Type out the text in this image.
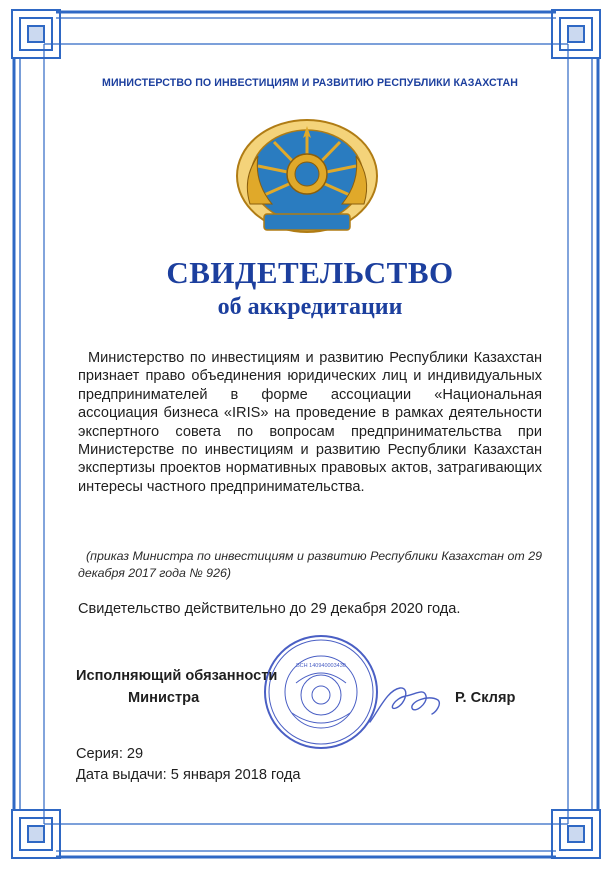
МИНИСТЕРСТВО ПО ИНВЕСТИЦИЯМ И РАЗВИТИЮ РЕСПУБЛИКИ КАЗАХСТАН
СВИДЕТЕЛЬСТВО
об аккредитации
Министерство по инвестициям и развитию Республики Казахстан признает право объединения юридических лиц и индивидуальных предпринимателей в форме ассоциации «Национальная ассоциация бизнеса «IRIS» на проведение в рамках деятельности экспертного совета по вопросам предпринимательства при Министерстве по инвестициям и развитию Республики Казахстан экспертизы проектов нормативных правовых актов, затрагивающих интересы частного предпринимательства.
(приказ Министра по инвестициям и развитию Республики Казахстан от 29 декабря 2017 года № 926)
Свидетельство действительно до 29 декабря 2020 года.
БСН 140940003430
Исполняющий обязанности
Министра	Р. Скляр
Серия: 29
Дата выдачи: 5 января 2018 года
